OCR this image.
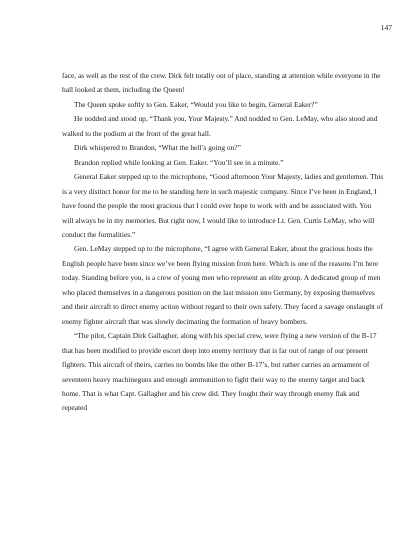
147

face, as well as the rest of the crew. Dirk felt totally out of place, standing at attention while everyone in the hall looked at them, including the Queen!

The Queen spoke softly to Gen. Eaker, “Would you like to begin, General Eaker?”

He nodded and stood up, “Thank you, Your Majesty.” And nodded to Gen. LeMay, who also stood and walked to the podium at the front of the great hall.

Dirk whispered to Brandon, “What the hell’s going on?”

Brandon replied while looking at Gen. Eaker. “You’ll see in a minute.”

General Eaker stepped up to the microphone, “Good afternoon Your Majesty, ladies and gentlemen. This is a very distinct honor for me to be standing here in such majestic company. Since I’ve been in England, I have found the people the most gracious that I could ever hope to work with and be associated with. You will always be in my memories. But right now, I would like to introduce Lt. Gen. Curtis LeMay, who will conduct the formalities.”

Gen. LeMay stepped up to the microphone, “I agree with General Eaker, about the gracious hosts the English people have been since we’ve been flying mission from here. Which is one of the reasons I’m here today. Standing before you, is a crew of young men who represent an elite group. A dedicated group of men who placed themselves in a dangerous position on the last mission into Germany, by exposing themselves and their aircraft to direct enemy action without regard to their own safety. They faced a savage onslaught of enemy fighter aircraft that was slowly decimating the formation of heavy bombers.

“The pilot, Captain Dirk Gallagher, along with his special crew, were flying a new version of the B-17 that has been modified to provide escort deep into enemy territory that is far out of range of our present fighters. This aircraft of theirs, carries no bombs like the other B-17’s, but rather carries an armament of seventeen heavy machineguns and enough ammunition to fight their way to the enemy target and back home. That is what Capt. Gallagher and his crew did. They fought their way through enemy flak and repeated
